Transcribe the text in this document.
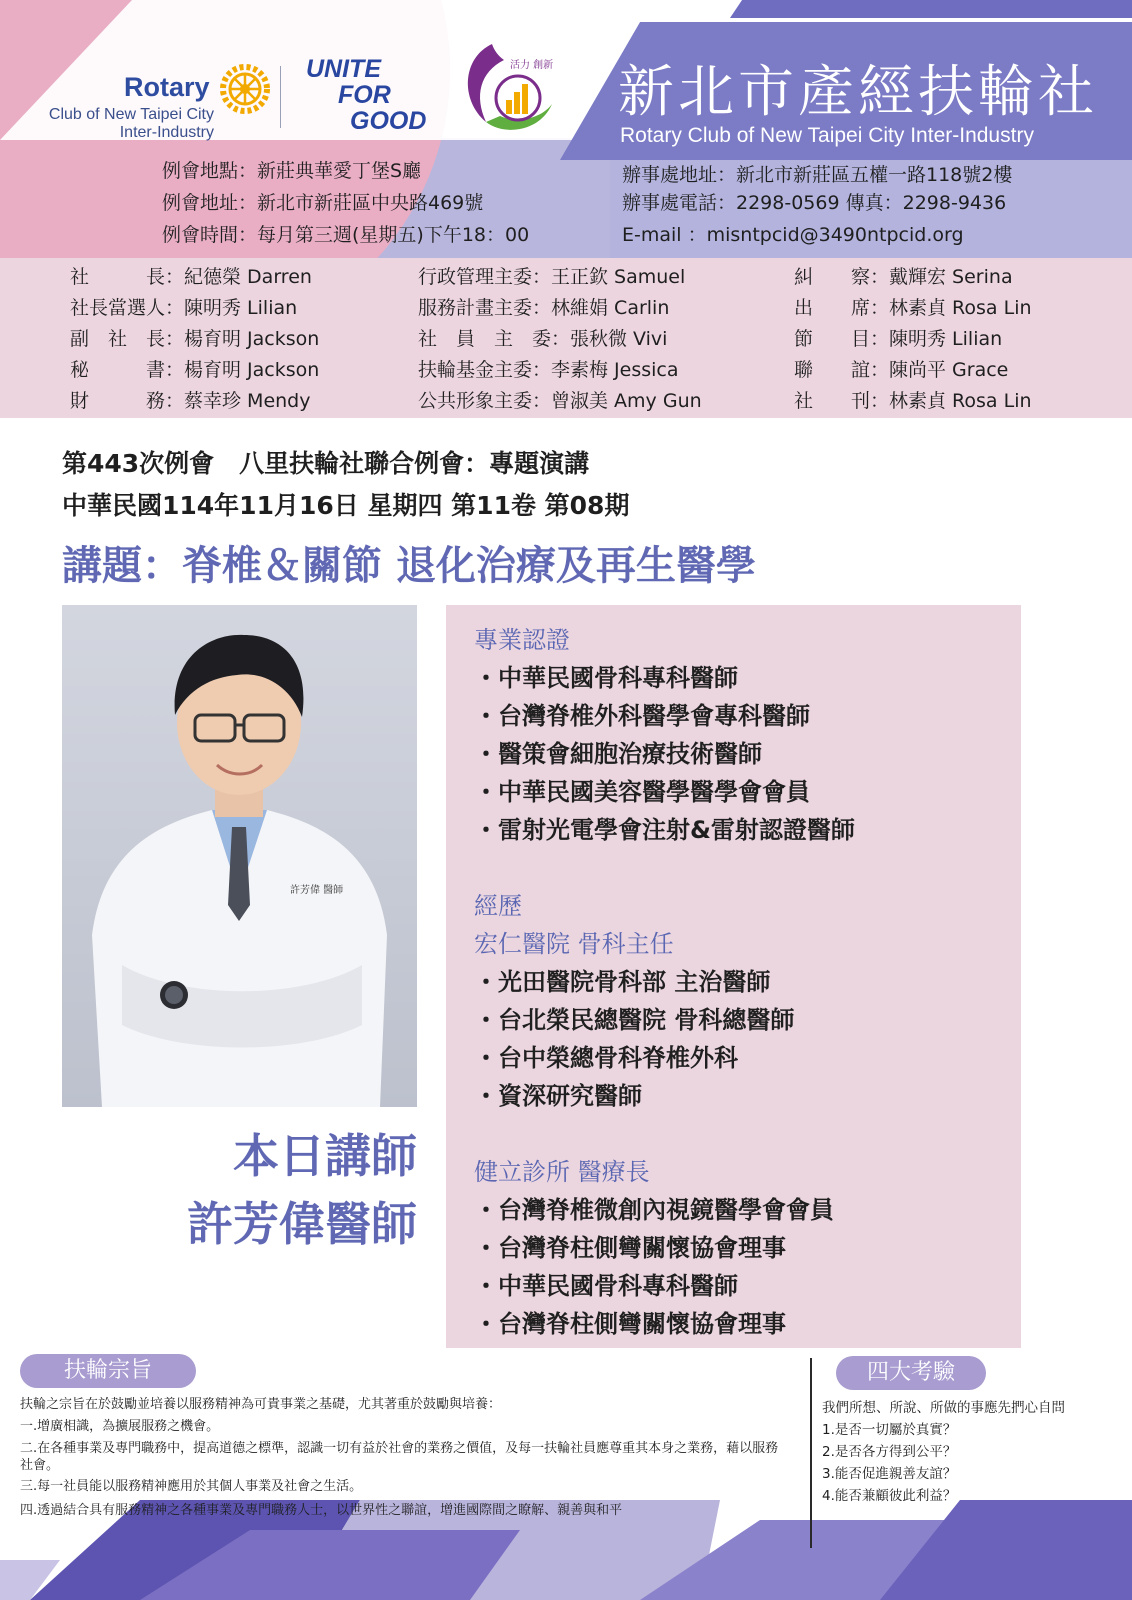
Rotary
Club of New Taipei City
Inter-Industry
UNITE
FOR
GOOD
活力 創新 新北市產經扶輪社
Rotary Club of New Taipei City Inter-Industry
例會地點：新莊典華愛丁堡S廳
例會地址：新北市新莊區中央路469號
例會時間：每月第三週(星期五)下午18：00
辦事處地址：新北市新莊區五權一路118號2樓
辦事處電話：2298-0569 傳真：2298-9436
E-mail ：misntpcid@3490ntpcid.org
社　　　長：紀德榮 Darren
社長當選人：陳明秀 Lilian
副　社　長：楊育明 Jackson
秘　　　書：楊育明 Jackson
財　　　務：蔡幸珍 Mendy
行政管理主委：王正欽 Samuel
服務計畫主委：林維娟 Carlin
社　員　主　委：張秋微 Vivi
扶輪基金主委：李素梅 Jessica
公共形象主委：曾淑美 Amy Gun
糾　　察：戴輝宏 Serina
出　　席：林素貞 Rosa Lin
節　　目：陳明秀 Lilian
聯　　誼：陳尚平 Grace
社　　刊：林素貞 Rosa Lin
第443次例會　八里扶輪社聯合例會：專題演講
中華民國114年11月16日 星期四 第11卷 第08期
講題：脊椎＆關節 退化治療及再生醫學
許芳偉 醫師
本日講師
許芳偉醫師
專業認證
・中華民國骨科專科醫師
・台灣脊椎外科醫學會專科醫師
・醫策會細胞治療技術醫師
・中華民國美容醫學醫學會會員
・雷射光電學會注射&雷射認證醫師
經歷
宏仁醫院 骨科主任
・光田醫院骨科部 主治醫師
・台北榮民總醫院 骨科總醫師
・台中榮總骨科脊椎外科
・資深研究醫師
健立診所 醫療長
・台灣脊椎微創內視鏡醫學會會員
・台灣脊柱側彎關懷協會理事
・中華民國骨科專科醫師
・台灣脊柱側彎關懷協會理事
扶輪宗旨
扶輪之宗旨在於鼓勵並培養以服務精神為可貴事業之基礎，尤其著重於鼓勵與培養：
一.增廣相識，為擴展服務之機會。
二.在各種事業及專門職務中，提高道德之標準，認識一切有益於社會的業務之價值，及每一扶輪社員應尊重其本身之業務，藉以服務社會。
三.每一社員能以服務精神應用於其個人事業及社會之生活。
四.透過結合具有服務精神之各種事業及專門職務人士，以世界性之聯誼，增進國際間之瞭解、親善與和平
四大考驗
我們所想、所說、所做的事應先捫心自問
1.是否一切屬於真實？
2.是否各方得到公平？
3.能否促進親善友誼？
4.能否兼顧彼此利益？
